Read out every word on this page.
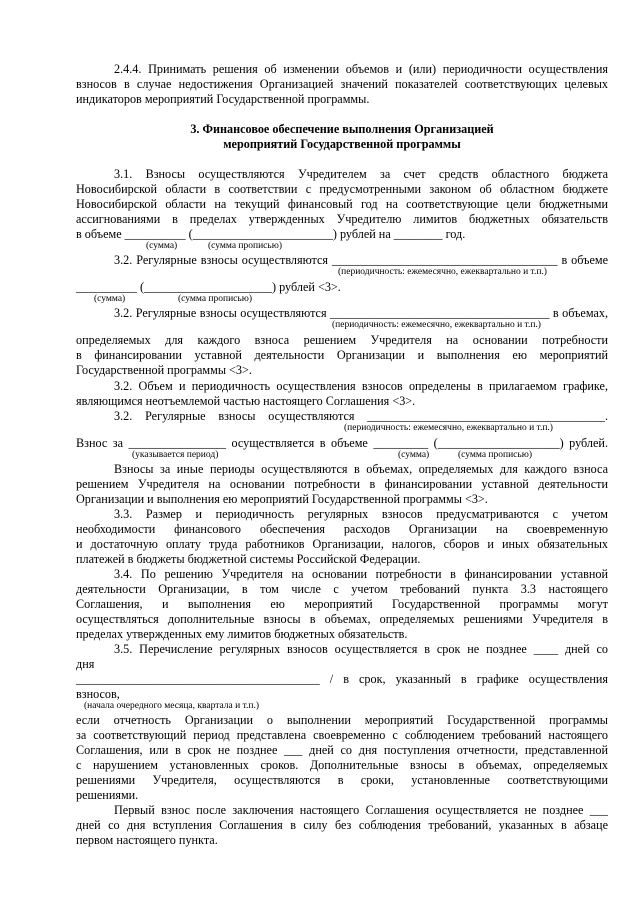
2.4.4. Принимать решения об изменении объемов и (или) периодичности осуществления
взносов в случае недостижения Организацией значений показателей соответствующих целевых
индикаторов мероприятий Государственной программы.
3. Финансовое обеспечение выполнения Организацией
мероприятий Государственной программы
3.1. Взносы осуществляются Учредителем за счет средств областного бюджета
Новосибирской области в соответствии с предусмотренными законом об областном бюджете
Новосибирской области на текущий финансовый год на соответствующие цели бюджетными
ассигнованиями в пределах утвержденных Учредителю лимитов бюджетных обязательств
в объеме __________ (_______________________) рублей на ________ год.
(сумма)	(сумма прописью)
3.2. Регулярные взносы осуществляются _____________________________________ в объеме
(периодичность: ежемесячно, ежеквартально и т.п.)
__________ (_____________________) рублей <3>.
(сумма)	(сумма прописью)
3.2. Регулярные взносы осуществляются ____________________________________ в объемах,
(периодичность: ежемесячно, ежеквартально и т.п.)
определяемых для каждого взноса решением Учредителя на основании потребности
в финансировании уставной деятельности Организации и выполнения ею мероприятий
Государственной программы <3>.
3.2. Объем и периодичность осуществления взносов определены в прилагаемом графике,
являющимся неотъемлемой частью настоящего Соглашения <3>.
3.2. Регулярные взносы осуществляются _______________________________________.
(периодичность: ежемесячно, ежеквартально и т.п.)
Взнос за ________________ осуществляется в объеме _________ (____________________) рублей.
(указывается период)	(сумма)	(сумма прописью)
Взносы за иные периоды осуществляются в объемах, определяемых для каждого взноса
решением Учредителя на основании потребности в финансировании уставной деятельности
Организации и выполнения ею мероприятий Государственной программы <3>.
3.3. Размер и периодичность регулярных взносов предусматриваются с учетом
необходимости финансового обеспечения расходов Организации на своевременную
и достаточную оплату труда работников Организации, налогов, сборов и иных обязательных
платежей в бюджеты бюджетной системы Российской Федерации.
3.4. По решению Учредителя на основании потребности в финансировании уставной
деятельности Организации, в том числе с учетом требований пункта 3.3 настоящего
Соглашения, и выполнения ею мероприятий Государственной программы могут
осуществляться дополнительные взносы в объемах, определяемых решениями Учредителя в
пределах утвержденных ему лимитов бюджетных обязательств.
3.5. Перечисление регулярных взносов осуществляется в срок не позднее ____ дней со
дня
________________________________________ / в срок, указанный в графике осуществления
взносов,
(начала очередного месяца, квартала и т.п.)
если отчетность Организации о выполнении мероприятий Государственной программы
за соответствующий период представлена своевременно с соблюдением требований настоящего
Соглашения, или в срок не позднее ___ дней со дня поступления отчетности, представленной
с нарушением установленных сроков. Дополнительные взносы в объемах, определяемых
решениями Учредителя, осуществляются в сроки, установленные соответствующими
решениями.
Первый взнос после заключения настоящего Соглашения осуществляется не позднее ___
дней со дня вступления Соглашения в силу без соблюдения требований, указанных в абзаце
первом настоящего пункта.
